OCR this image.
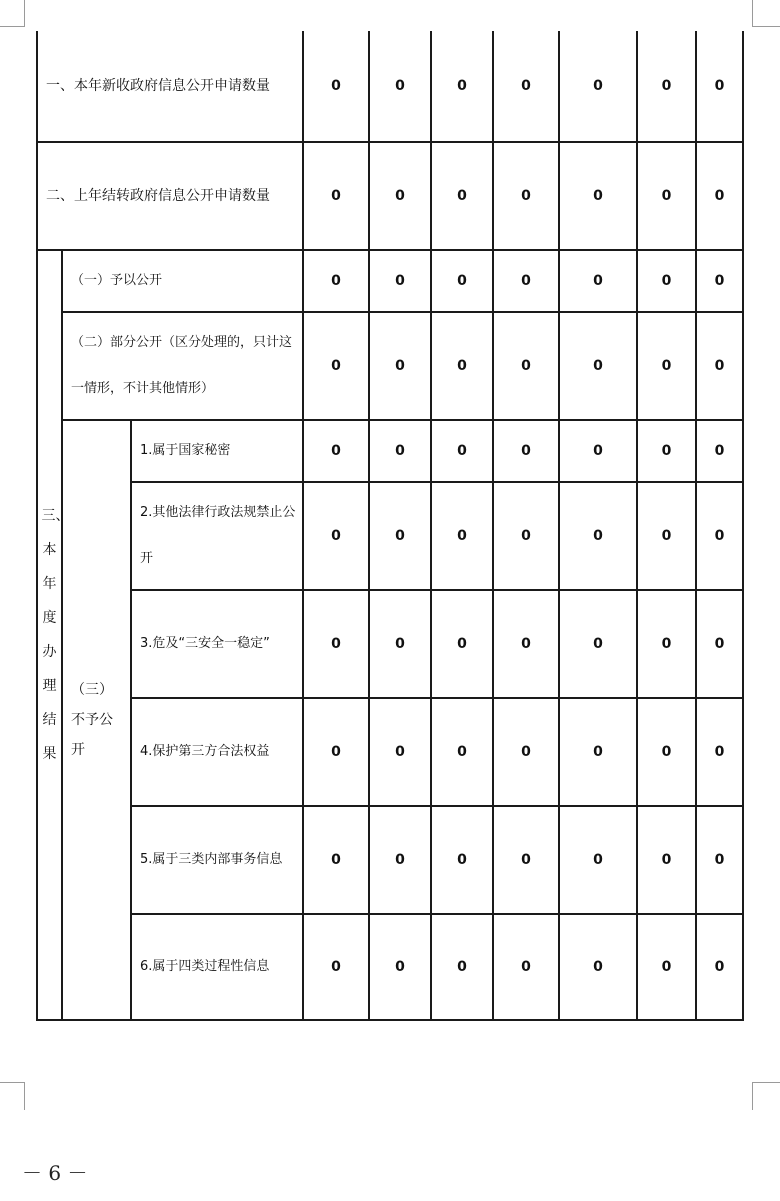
一、本年新收政府信息公开申请数量			0	0	0	0	0	0	0
二、上年结转政府信息公开申请数量			0	0	0	0	0	0	0

三、本年度办理结果	（一）予以公开		0	0	0	0	0	0	0
	（二）部分公开（区分处理的，只计这一情形，不计其他情形）		0	0	0	0	0	0	0
	（三）不予公开	1.属于国家秘密	0	0	0	0	0	0	0
		2.其他法律行政法规禁止公开	0	0	0	0	0	0	0
		3.危及“三安全一稳定”	0	0	0	0	0	0	0
		4.保护第三方合法权益	0	0	0	0	0	0	0
		5.属于三类内部事务信息	0	0	0	0	0	0	0
		6.属于四类过程性信息	0	0	0	0	0	0	0
－ 6 －
